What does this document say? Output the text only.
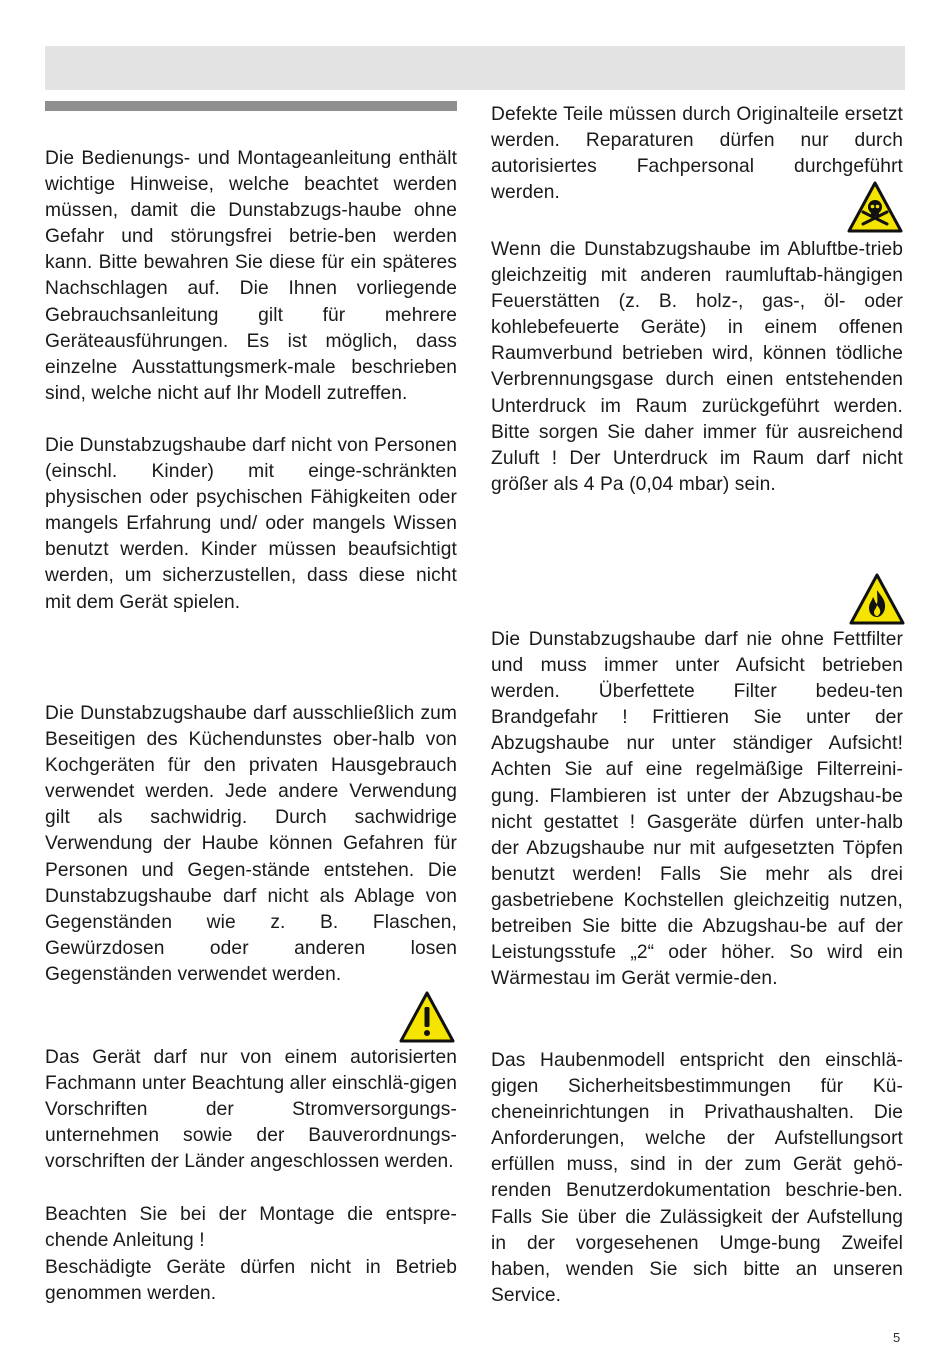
Die Bedienungs- und Montageanleitung enthält wichtige Hinweise, welche beachtet werden müssen, damit die Dunstabzugs-haube ohne Gefahr und störungsfrei betrie-ben werden kann. Bitte bewahren Sie diese für ein späteres Nachschlagen auf. Die Ihnen vorliegende Gebrauchsanleitung gilt für mehrere Geräteausführungen. Es ist möglich, dass einzelne Ausstattungsmerk-male beschrieben sind, welche nicht auf Ihr Modell zutreffen.

Die Dunstabzugshaube darf nicht von Personen (einschl. Kinder) mit einge-schränkten physischen oder psychischen Fähigkeiten oder mangels Erfahrung und/ oder mangels Wissen benutzt werden. Kinder müssen beaufsichtigt werden, um sicherzustellen, dass diese nicht mit dem Gerät spielen.

Die Dunstabzugshaube darf ausschließlich zum Beseitigen des Küchendunstes ober-halb von Kochgeräten für den privaten Hausgebrauch verwendet werden. Jede andere Verwendung gilt als sachwidrig. Durch sachwidrige Verwendung der Haube können Gefahren für Personen und Gegen-stände entstehen. Die Dunstabzugshaube darf nicht als Ablage von Gegenständen wie z. B. Flaschen, Gewürzdosen oder anderen losen Gegenständen verwendet werden.

Das Gerät darf nur von einem autorisierten Fachmann unter Beachtung aller einschlä-gigen Vorschriften der Stromversorgungs-unternehmen sowie der Bauverordnungs-vorschriften der Länder angeschlossen werden.

Beachten Sie bei der Montage die entspre-chende Anleitung !

Beschädigte Geräte dürfen nicht in Betrieb genommen werden.

Defekte Teile müssen durch Originalteile ersetzt werden. Reparaturen dürfen nur durch autorisiertes Fachpersonal durchgeführt werden.

Wenn die Dunstabzugshaube im Abluftbe-trieb gleichzeitig mit anderen raumluftab-hängigen Feuerstätten (z. B. holz-, gas-, öl- oder kohlebefeuerte Geräte) in einem offenen Raumverbund betrieben wird, können tödliche Verbrennungsgase durch einen entstehenden Unterdruck im Raum zurückgeführt werden. Bitte sorgen Sie daher immer für ausreichend Zuluft ! Der Unterdruck im Raum darf nicht größer als 4 Pa (0,04 mbar) sein.

Die Dunstabzugshaube darf nie ohne Fettfilter und muss immer unter Aufsicht betrieben werden. Überfettete Filter bedeu-ten Brandgefahr ! Frittieren Sie unter der Abzugshaube nur unter ständiger Aufsicht! Achten Sie auf eine regelmäßige Filterreini-gung. Flambieren ist unter der Abzugshau-be nicht gestattet ! Gasgeräte dürfen unter-halb der Abzugshaube nur mit aufgesetzten Töpfen benutzt werden! Falls Sie mehr als drei gasbetriebene Kochstellen gleichzeitig nutzen, betreiben Sie bitte die Abzugshau-be auf der Leistungsstufe „2“ oder höher. So wird ein Wärmestau im Gerät vermie-den.

Das Haubenmodell entspricht den einschlä-gigen Sicherheitsbestimmungen für Kü-cheneinrichtungen in Privathaushalten. Die Anforderungen, welche der Aufstellungsort erfüllen muss, sind in der zum Gerät gehö-renden Benutzerdokumentation beschrie-ben. Falls Sie über die Zulässigkeit der Aufstellung in der vorgesehenen Umge-bung Zweifel haben, wenden Sie sich bitte an unseren Service.

5
